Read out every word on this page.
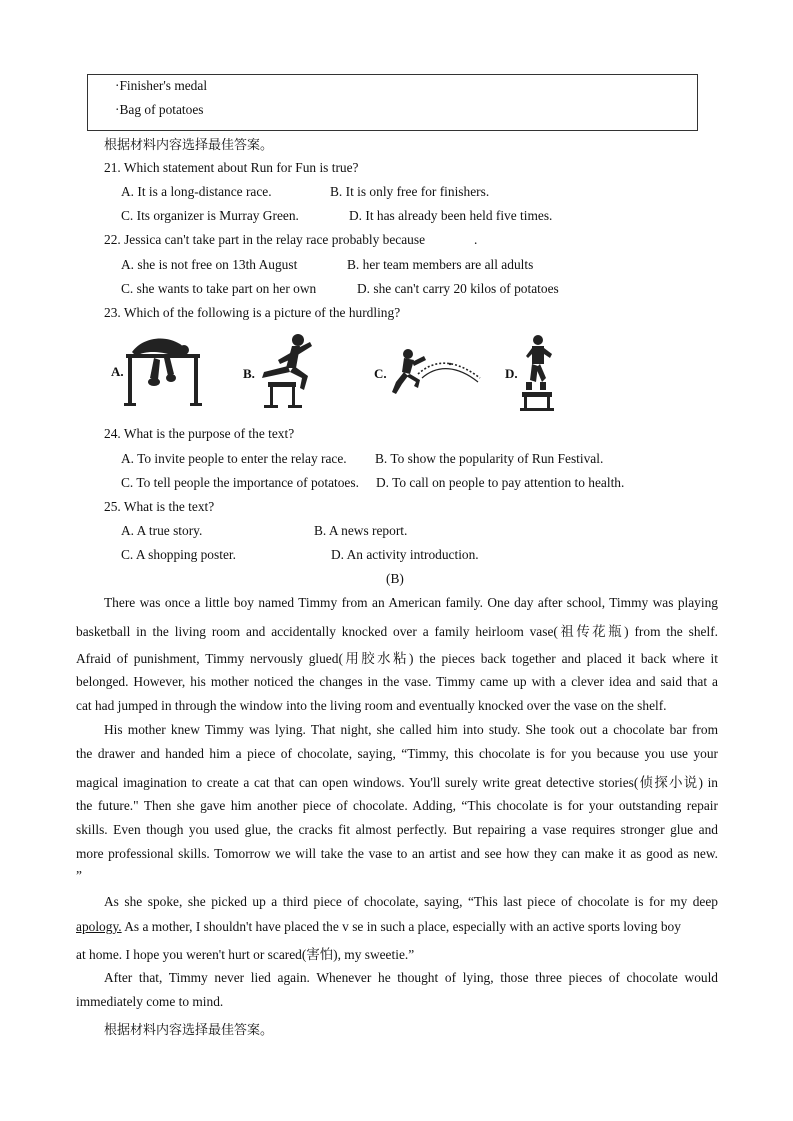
·Finisher's medal
·Bag of potatoes
根据材料内容选择最佳答案。
21. Which statement about Run for Fun is true?
A. It is a long-distance race.	B. It is only free for finishers.
C. Its organizer is Murray Green.	D. It has already been held five times.
22. Jessica can't take part in the relay race probably because	.
A. she is not free on 13th August	B. her team members are all adults
C. she wants to take part on her own	D. she can't carry 20 kilos of potatoes
23. Which of the following is a picture of the hurdling?
A.	B.	C.	D.
24. What is the purpose of the text?
A. To invite people to enter the relay race. B. To show the popularity of Run Festival.
C. To tell people the importance of potatoes. D. To call on people to pay attention to health.
25. What is the text?
A. A true story.	B. A news report.
C. A shopping poster.	D. An activity introduction.
(B)
There was once a little boy named Timmy from an American family. One day after school, Timmy was playing
basketball in the living room and accidentally knocked over a family heirloom vase(祖传花瓶) from the shelf.
Afraid of punishment, Timmy nervously glued(用胶水粘) the pieces back together and placed it back where it
belonged. However, his mother noticed the changes in the vase. Timmy came up with a clever idea and said that a
cat had jumped in through the window into the living room and eventually knocked over the vase on the shelf.
His mother knew Timmy was lying. That night, she called him into study. She took out a chocolate bar from
the drawer and handed him a piece of chocolate, saying, “Timmy, this chocolate is for you because you use your
magical imagination to create a cat that can open windows. You'll surely write great detective stories(侦探小说) in
the future." Then she gave him another piece of chocolate. Adding, “This chocolate is for your outstanding repair
skills. Even though you used glue, the cracks fit almost perfectly. But repairing a vase requires stronger glue and
more professional skills. Tomorrow we will take the vase to an artist and see how they can make it as good as new.
”
As she spoke, she picked up a third piece of chocolate, saying, “This last piece of chocolate is for my deep
apology. As a mother, I shouldn't have placed the v se in such a place, especially with an active sports loving boy
at home. I hope you weren't hurt or scared(害怕), my sweetie.”
After that, Timmy never lied again. Whenever he thought of lying, those three pieces of chocolate would
immediately come to mind.
根据材料内容选择最佳答案。
